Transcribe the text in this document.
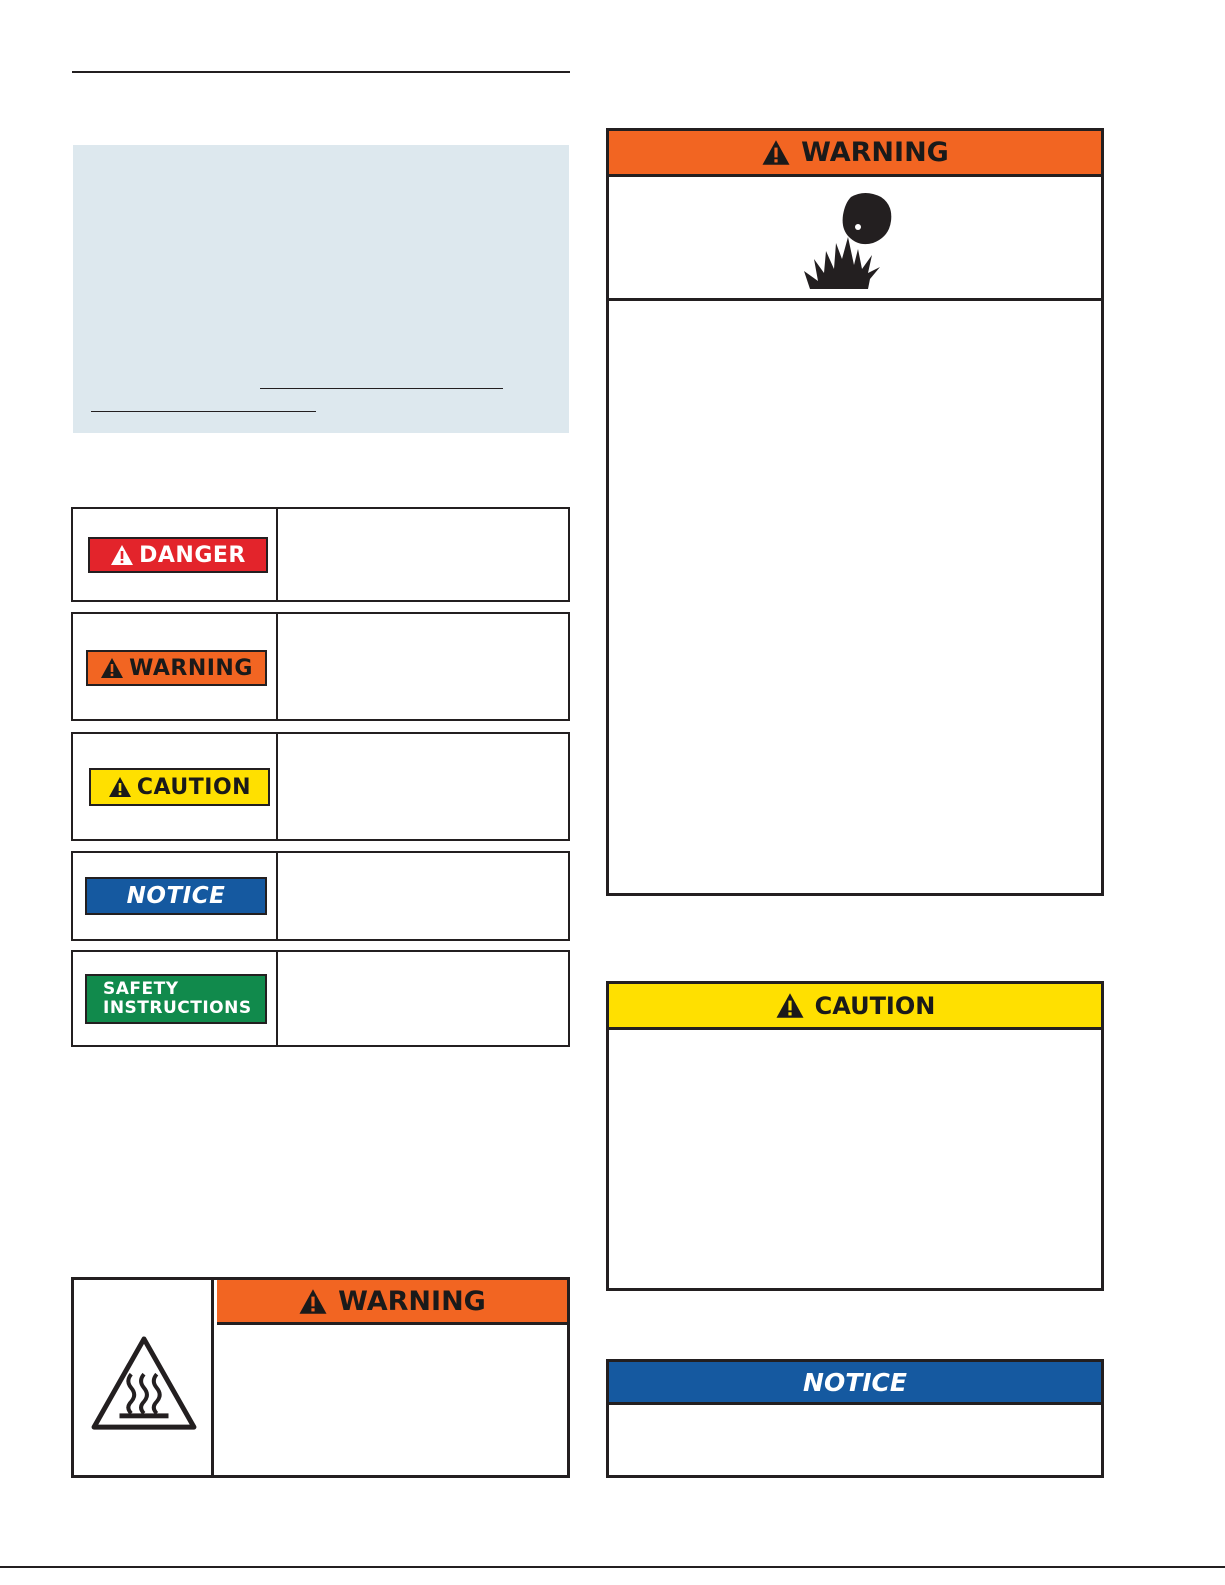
DANGER
WARNING
CAUTION
NOTICE
SAFETY
INSTRUCTIONS
WARNING
WARNING
CAUTION
NOTICE
